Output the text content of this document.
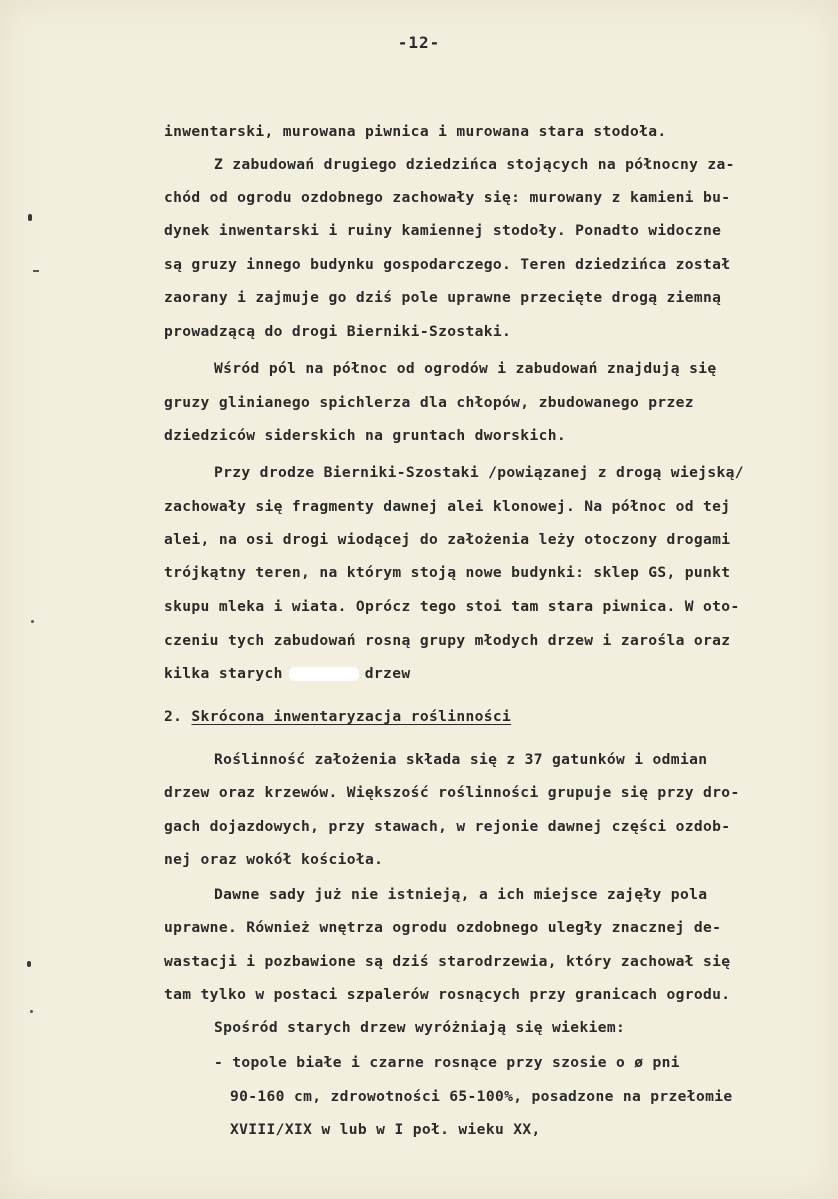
-12-
inwentarski, murowana piwnica i murowana stara stodoła.
Z zabudowań drugiego dziedzińca stojących na północny za-
chód od ogrodu ozdobnego zachowały się: murowany z kamieni bu-
dynek inwentarski i ruiny kamiennej stodoły. Ponadto widoczne
są gruzy innego budynku gospodarczego. Teren dziedzińca został
zaorany i zajmuje go dziś pole uprawne przecięte drogą ziemną
prowadzącą do drogi Bierniki-Szostaki.
Wśród pól na północ od ogrodów i zabudowań znajdują się
gruzy glinianego spichlerza dla chłopów, zbudowanego przez
dziedziców siderskich na gruntach dworskich.
Przy drodze Bierniki-Szostaki /powiązanej z drogą wiejską/
zachowały się fragmenty dawnej alei klonowej. Na północ od tej
alei, na osi drogi wiodącej do założenia leży otoczony drogami
trójkątny teren, na którym stoją nowe budynki: sklep GS, punkt
skupu mleka i wiata. Oprócz tego stoi tam stara piwnica. W oto-
czeniu tych zabudowań rosną grupy młodych drzew i zarośla oraz
kilka starych	drzew
2. Skrócona inwentaryzacja roślinności
Roślinność założenia składa się z 37 gatunków i odmian
drzew oraz krzewów. Większość roślinności grupuje się przy dro-
gach dojazdowych, przy stawach, w rejonie dawnej części ozdob-
nej oraz wokół kościoła.
Dawne sady już nie istnieją, a ich miejsce zajęły pola
uprawne. Również wnętrza ogrodu ozdobnego uległy znacznej de-
wastacji i pozbawione są dziś starodrzewia, który zachował się
tam tylko w postaci szpalerów rosnących przy granicach ogrodu.
Spośród starych drzew wyróżniają się wiekiem:
- topole białe i czarne rosnące przy szosie o ø pni
90-160 cm, zdrowotności 65-100%, posadzone na przełomie
XVIII/XIX w lub w I poł. wieku XX,
